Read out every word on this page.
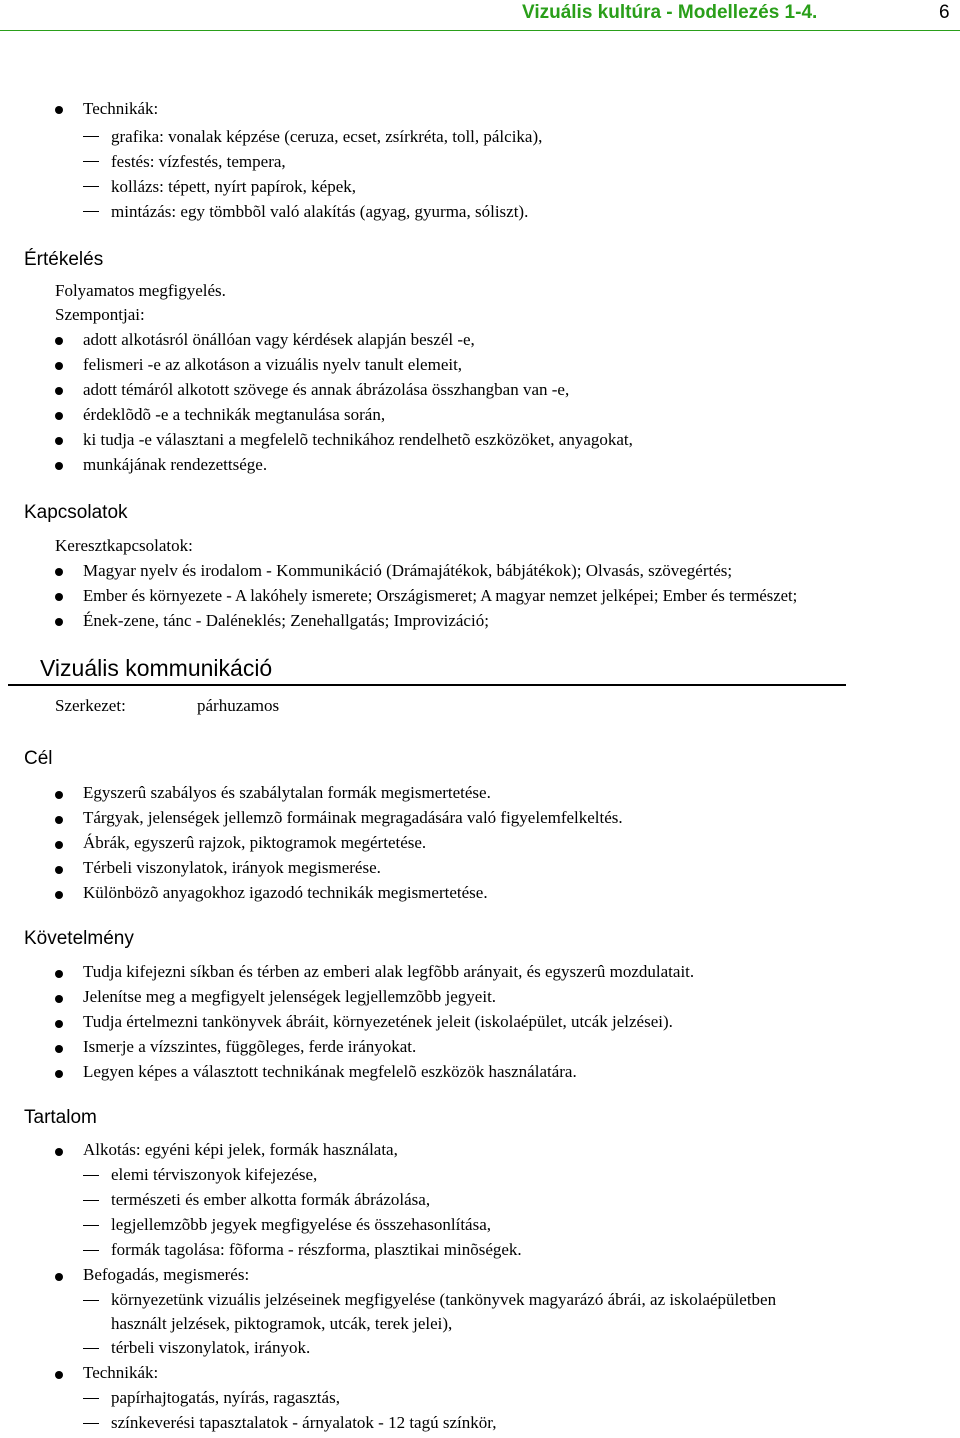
Vizuális kultúra - Modellezés 1-4.	6
Technikák:
grafika: vonalak képzése (ceruza, ecset, zsírkréta, toll, pálcika),
festés: vízfestés, tempera,
kollázs: tépett, nyírt papírok, képek,
mintázás: egy tömbbõl való alakítás (agyag, gyurma, sóliszt).
Értékelés
Folyamatos megfigyelés.
Szempontjai:
adott alkotásról önállóan vagy kérdések alapján beszél -e,
felismeri -e az alkotáson a vizuális nyelv tanult elemeit,
adott témáról alkotott szövege és annak ábrázolása összhangban van -e,
érdeklõdõ -e a technikák megtanulása során,
ki tudja -e választani a megfelelõ technikához rendelhetõ eszközöket, anyagokat,
munkájának rendezettsége.
Kapcsolatok
Keresztkapcsolatok:
Magyar nyelv és irodalom - Kommunikáció (Drámajátékok, bábjátékok); Olvasás, szövegértés;
Ember és környezete - A lakóhely ismerete; Országismeret; A magyar nemzet jelképei; Ember és természet;
Ének-zene, tánc - Daléneklés; Zenehallgatás; Improvizáció;
Vizuális kommunikáció
Szerkezet:	párhuzamos
Cél
Egyszerû szabályos és szabálytalan formák megismertetése.
Tárgyak, jelenségek jellemzõ formáinak megragadására való figyelemfelkeltés.
Ábrák, egyszerû rajzok, piktogramok megértetése.
Térbeli viszonylatok, irányok megismerése.
Különbözõ anyagokhoz igazodó technikák megismertetése.
Követelmény
Tudja kifejezni síkban és térben az emberi alak legfõbb arányait, és egyszerû mozdulatait.
Jelenítse meg a megfigyelt jelenségek legjellemzõbb jegyeit.
Tudja értelmezni tankönyvek ábráit, környezetének jeleit (iskolaépület, utcák jelzései).
Ismerje a vízszintes, függõleges, ferde irányokat.
Legyen képes a választott technikának megfelelõ eszközök használatára.
Tartalom
Alkotás: egyéni képi jelek, formák használata,
elemi térviszonyok kifejezése,
természeti és ember alkotta formák ábrázolása,
legjellemzõbb jegyek megfigyelése és összehasonlítása,
formák tagolása: fõforma - részforma, plasztikai minõségek.
Befogadás, megismerés:
környezetünk vizuális jelzéseinek megfigyelése (tankönyvek magyarázó ábrái, az iskolaépületben
használt jelzések, piktogramok, utcák, terek jelei),
térbeli viszonylatok, irányok.
Technikák:
papírhajtogatás, nyírás, ragasztás,
színkeverési tapasztalatok - árnyalatok - 12 tagú színkör,
